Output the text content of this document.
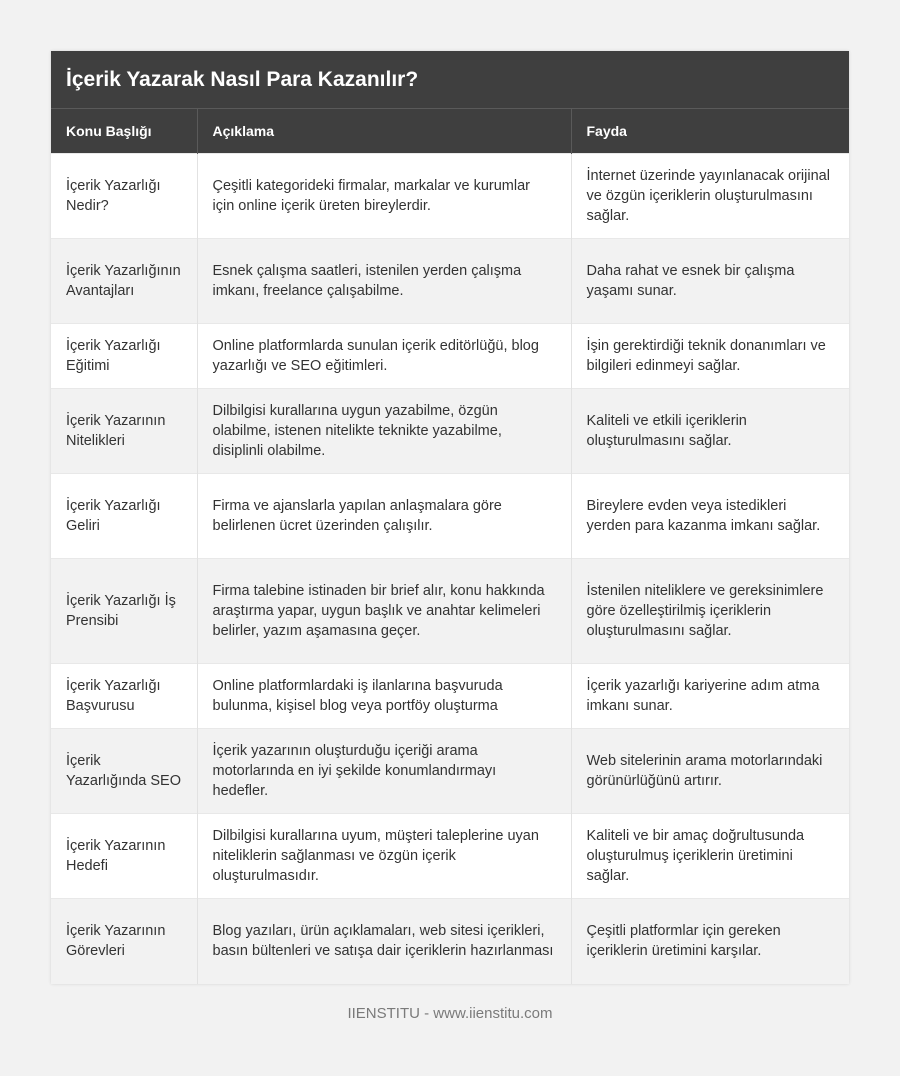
İçerik Yazarak Nasıl Para Kazanılır?
Konu Başlığı	Açıklama	Fayda
İçerik Yazarlığı Nedir?	Çeşitli kategorideki firmalar, markalar ve kurumlar için online içerik üreten bireylerdir.	İnternet üzerinde yayınlanacak orijinal ve özgün içeriklerin oluşturulmasını sağlar.
İçerik Yazarlığının Avantajları	Esnek çalışma saatleri, istenilen yerden çalışma imkanı, freelance çalışabilme.	Daha rahat ve esnek bir çalışma yaşamı sunar.
İçerik Yazarlığı Eğitimi	Online platformlarda sunulan içerik editörlüğü, blog yazarlığı ve SEO eğitimleri.	İşin gerektirdiği teknik donanımları ve bilgileri edinmeyi sağlar.
İçerik Yazarının Nitelikleri	Dilbilgisi kurallarına uygun yazabilme, özgün olabilme, istenen nitelikte teknikte yazabilme, disiplinli olabilme.	Kaliteli ve etkili içeriklerin oluşturulmasını sağlar.
İçerik Yazarlığı Geliri	Firma ve ajanslarla yapılan anlaşmalara göre belirlenen ücret üzerinden çalışılır.	Bireylere evden veya istedikleri yerden para kazanma imkanı sağlar.
İçerik Yazarlığı İş Prensibi	Firma talebine istinaden bir brief alır, konu hakkında araştırma yapar, uygun başlık ve anahtar kelimeleri belirler, yazım aşamasına geçer.	İstenilen niteliklere ve gereksinimlere göre özelleştirilmiş içeriklerin oluşturulmasını sağlar.
İçerik Yazarlığı Başvurusu	Online platformlardaki iş ilanlarına başvuruda bulunma, kişisel blog veya portföy oluşturma	İçerik yazarlığı kariyerine adım atma imkanı sunar.
İçerik Yazarlığında SEO	İçerik yazarının oluşturduğu içeriği arama motorlarında en iyi şekilde konumlandırmayı hedefler.	Web sitelerinin arama motorlarındaki görünürlüğünü artırır.
İçerik Yazarının Hedefi	Dilbilgisi kurallarına uyum, müşteri taleplerine uyan niteliklerin sağlanması ve özgün içerik oluşturulmasıdır.	Kaliteli ve bir amaç doğrultusunda oluşturulmuş içeriklerin üretimini sağlar.
İçerik Yazarının Görevleri	Blog yazıları, ürün açıklamaları, web sitesi içerikleri, basın bültenleri ve satışa dair içeriklerin hazırlanması	Çeşitli platformlar için gereken içeriklerin üretimini karşılar.
IIENSTITU - www.iienstitu.com
